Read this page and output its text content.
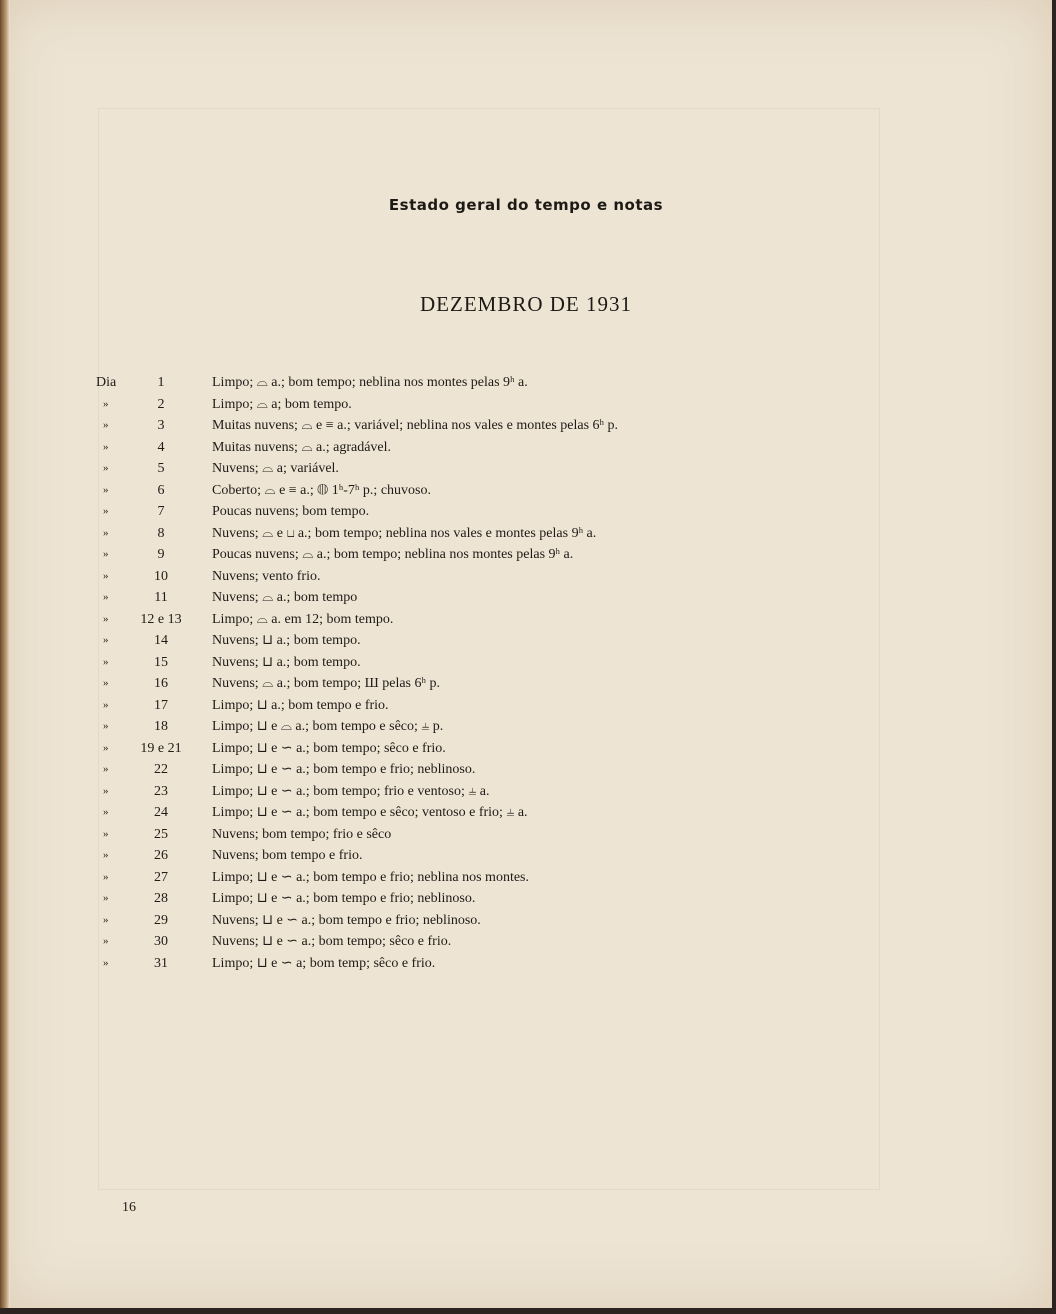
Estado geral do tempo e notas
DEZEMBRO DE 1931
Dia	1	Limpo; ⌓ a.; bom tempo; neblina nos montes pelas 9ʰ a.
»	2	Limpo; ⌓ a; bom tempo.
»	3	Muitas nuvens; ⌓ e ≡ a.; variável; neblina nos vales e montes pelas 6ʰ p.
»	4	Muitas nuvens; ⌓ a.; agradável.
»	5	Nuvens; ⌓ a; variável.
»	6	Coberto; ⌓ e ≡ a.; ◍ 1ʰ-7ʰ p.; chuvoso.
»	7	Poucas nuvens; bom tempo.
»	8	Nuvens; ⌓ e ⊔ a.; bom tempo; neblina nos vales e montes pelas 9ʰ a.
»	9	Poucas nuvens; ⌓ a.; bom tempo; neblina nos montes pelas 9ʰ a.
»	10	Nuvens; vento frio.
»	11	Nuvens; ⌓ a.; bom tempo
»	12 e 13	Limpo; ⌓ a. em 12; bom tempo.
»	14	Nuvens; ⊔ a.; bom tempo.
»	15	Nuvens; ⊔ a.; bom tempo.
»	16	Nuvens; ⌓ a.; bom tempo; Ш pelas 6ʰ p.
»	17	Limpo; ⊔ a.; bom tempo e frio.
»	18	Limpo; ⊔ e ⌓ a.; bom tempo e sêco; ⫨ p.
»	19 e 21	Limpo; ⊔ e ∽ a.; bom tempo; sêco e frio.
»	22	Limpo; ⊔ e ∽ a.; bom tempo e frio; neblinoso.
»	23	Limpo; ⊔ e ∽ a.; bom tempo; frio e ventoso; ⫨ a.
»	24	Limpo; ⊔ e ∽ a.; bom tempo e sêco; ventoso e frio; ⫨ a.
»	25	Nuvens; bom tempo; frio e sêco
»	26	Nuvens; bom tempo e frio.
»	27	Limpo; ⊔ e ∽ a.; bom tempo e frio; neblina nos montes.
»	28	Limpo; ⊔ e ∽ a.; bom tempo e frio; neblinoso.
»	29	Nuvens; ⊔ e ∽ a.; bom tempo e frio; neblinoso.
»	30	Nuvens; ⊔ e ∽ a.; bom tempo; sêco e frio.
»	31	Limpo; ⊔ e ∽ a; bom temp; sêco e frio.
16
